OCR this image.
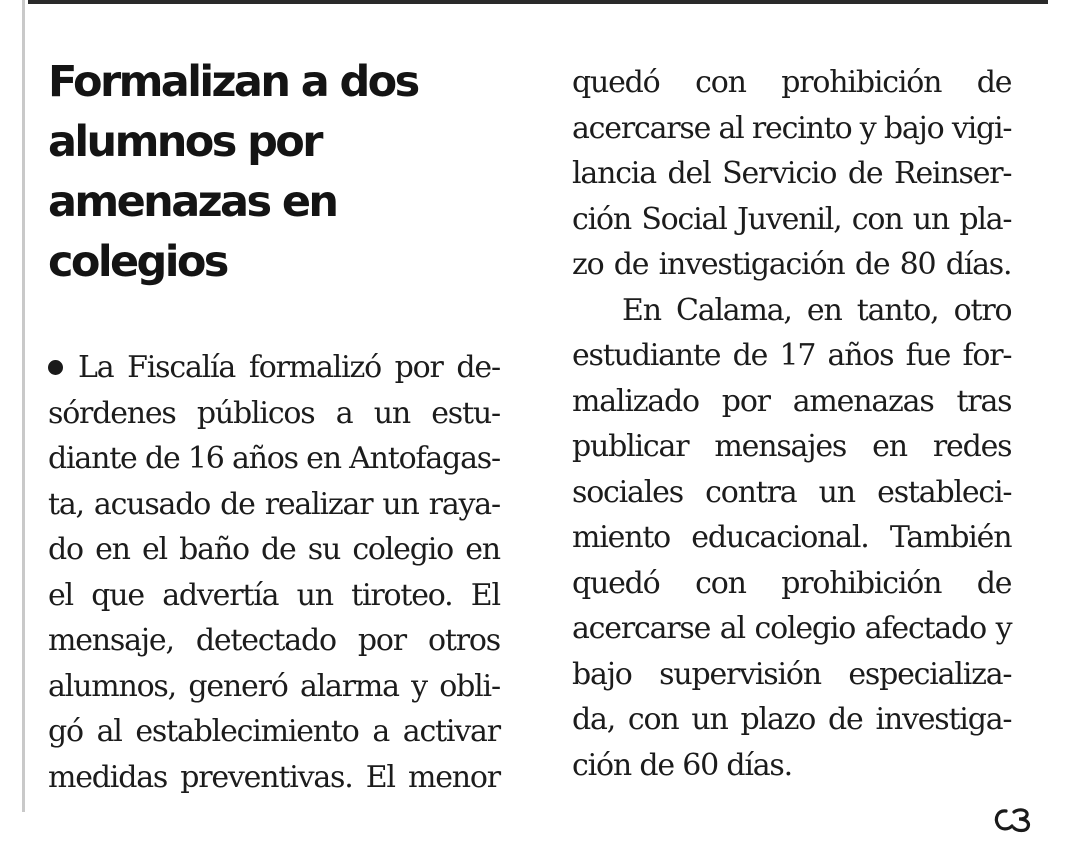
Formalizan a dos
alumnos por
amenazas en
colegios
La Fiscalía formalizó por de-
sórdenes públicos a un estu-
diante de 16 años en Antofagas-
ta, acusado de realizar un raya-
do en el baño de su colegio en
el que advertía un tiroteo. El
mensaje, detectado por otros
alumnos, generó alarma y obli-
gó al establecimiento a activar
medidas preventivas. El menor
quedó con prohibición de
acercarse al recinto y bajo vigi-
lancia del Servicio de Reinser-
ción Social Juvenil, con un pla-
zo de investigación de 80 días.
En Calama, en tanto, otro
estudiante de 17 años fue for-
malizado por amenazas tras
publicar mensajes en redes
sociales contra un estableci-
miento educacional. También
quedó con prohibición de
acercarse al colegio afectado y
bajo supervisión especializa-
da, con un plazo de investiga-
ción de 60 días.
